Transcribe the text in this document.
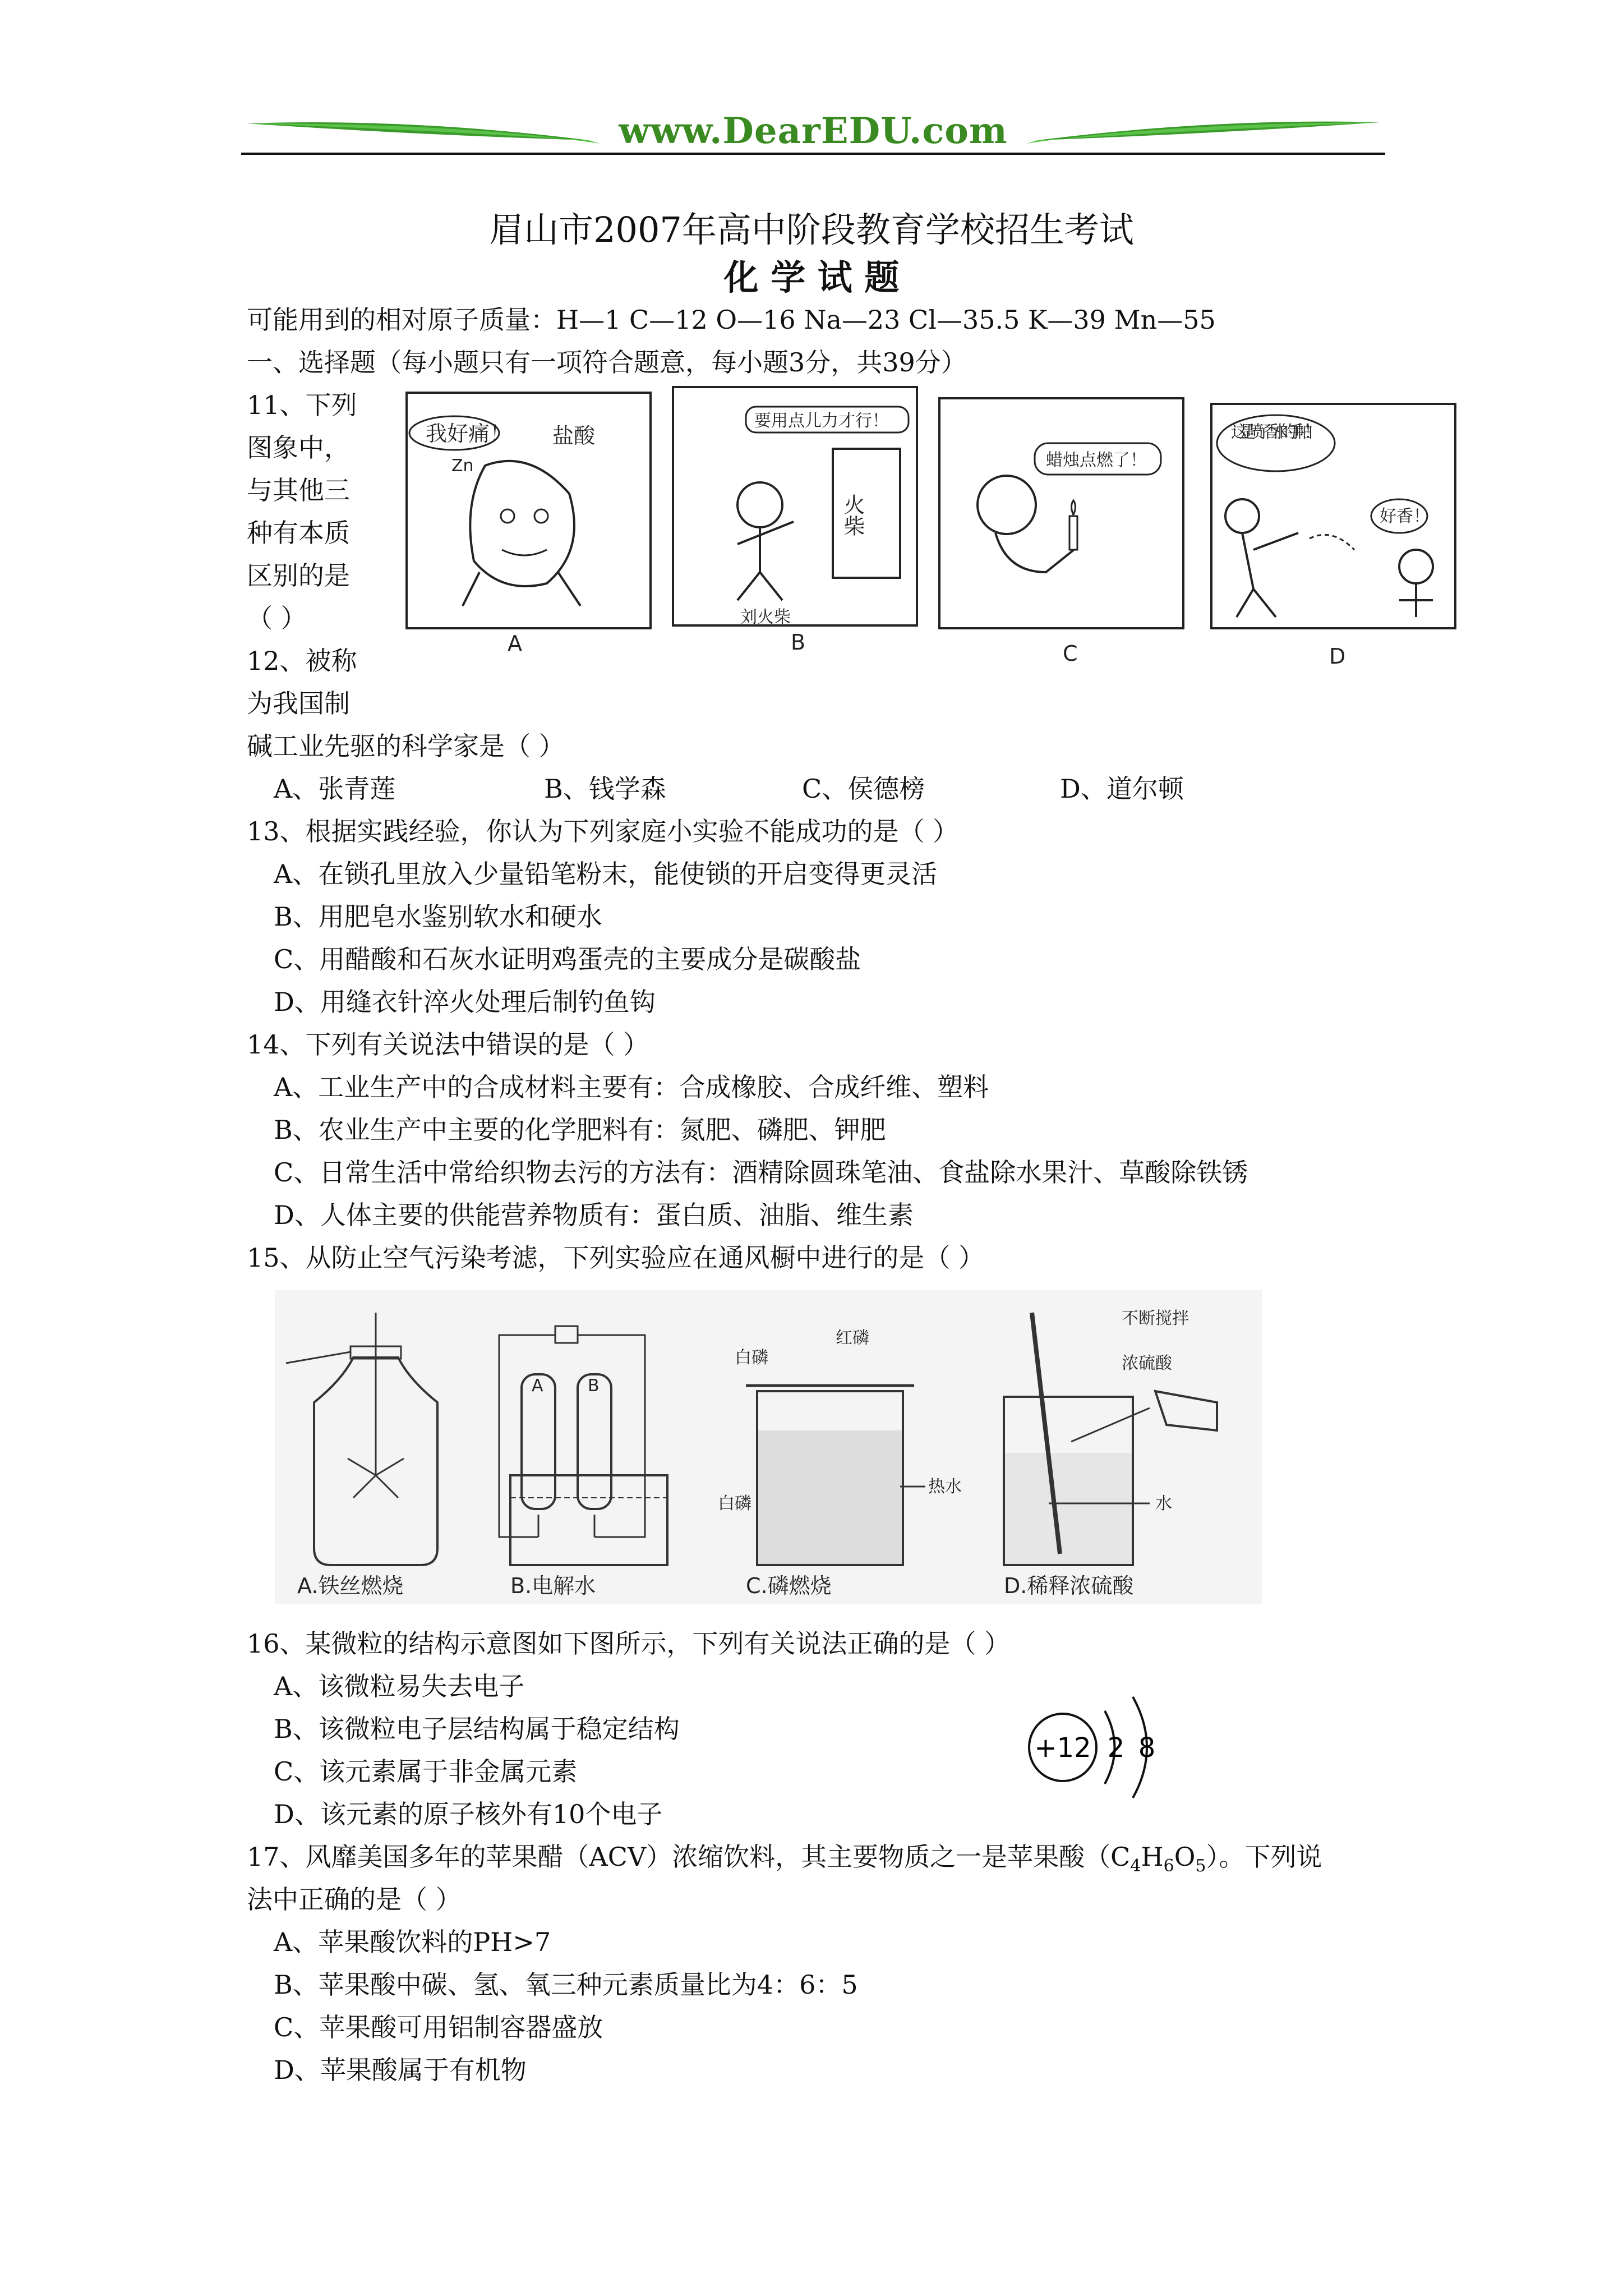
www.DearEDU.com
眉山市2007年高中阶段教育学校招生考试
化 学 试 题
可能用到的相对原子质量：H—1 C—12 O—16 Na—23 Cl—35.5 K—39 Mn—55
一、选择题（每小题只有一项符合题意，每小题3分，共39分）
11、下列
图象中，
与其他三
种有本质
区别的是
（ ）
12、被称
为我国制
我好痛！ 盐酸
Zn
A
要用点儿力才行！
火柴
刘火柴
B
蜡烛点燃了！
C
这是喷了香水的手帕！
好香！
D
碱工业先驱的科学家是（ ）
A、张青莲	B、钱学森	C、侯德榜	D、道尔顿
13、根据实践经验，你认为下列家庭小实验不能成功的是（ ）
A、在锁孔里放入少量铅笔粉末，能使锁的开启变得更灵活
B、用肥皂水鉴别软水和硬水
C、用醋酸和石灰水证明鸡蛋壳的主要成分是碳酸盐
D、用缝衣针淬火处理后制钓鱼钩
14、下列有关说法中错误的是（ ）
A、工业生产中的合成材料主要有：合成橡胶、合成纤维、塑料
B、农业生产中主要的化学肥料有：氮肥、磷肥、钾肥
C、日常生活中常给织物去污的方法有：酒精除圆珠笔油、食盐除水果汁、草酸除铁锈
D、人体主要的供能营养物质有：蛋白质、油脂、维生素
15、从防止空气污染考滤，下列实验应在通风橱中进行的是（ ）
A.铁丝燃烧
A	B
B.电解水
白磷
红磷
白磷
热水
C.磷燃烧
水
不断搅拌
浓硫酸
D.稀释浓硫酸
16、某微粒的结构示意图如下图所示，下列有关说法正确的是（ ）
A、该微粒易失去电子
B、该微粒电子层结构属于稳定结构
C、该元素属于非金属元素
D、该元素的原子核外有10个电子
+12 2 8
17、风靡美国多年的苹果醋（ACV）浓缩饮料，其主要物质之一是苹果酸$(C_4H_6O_5)$。下列说
法中正确的是（ ）
A、苹果酸饮料的PH>7
B、苹果酸中碳、氢、氧三种元素质量比为4：6：5
C、苹果酸可用铝制容器盛放
D、苹果酸属于有机物
